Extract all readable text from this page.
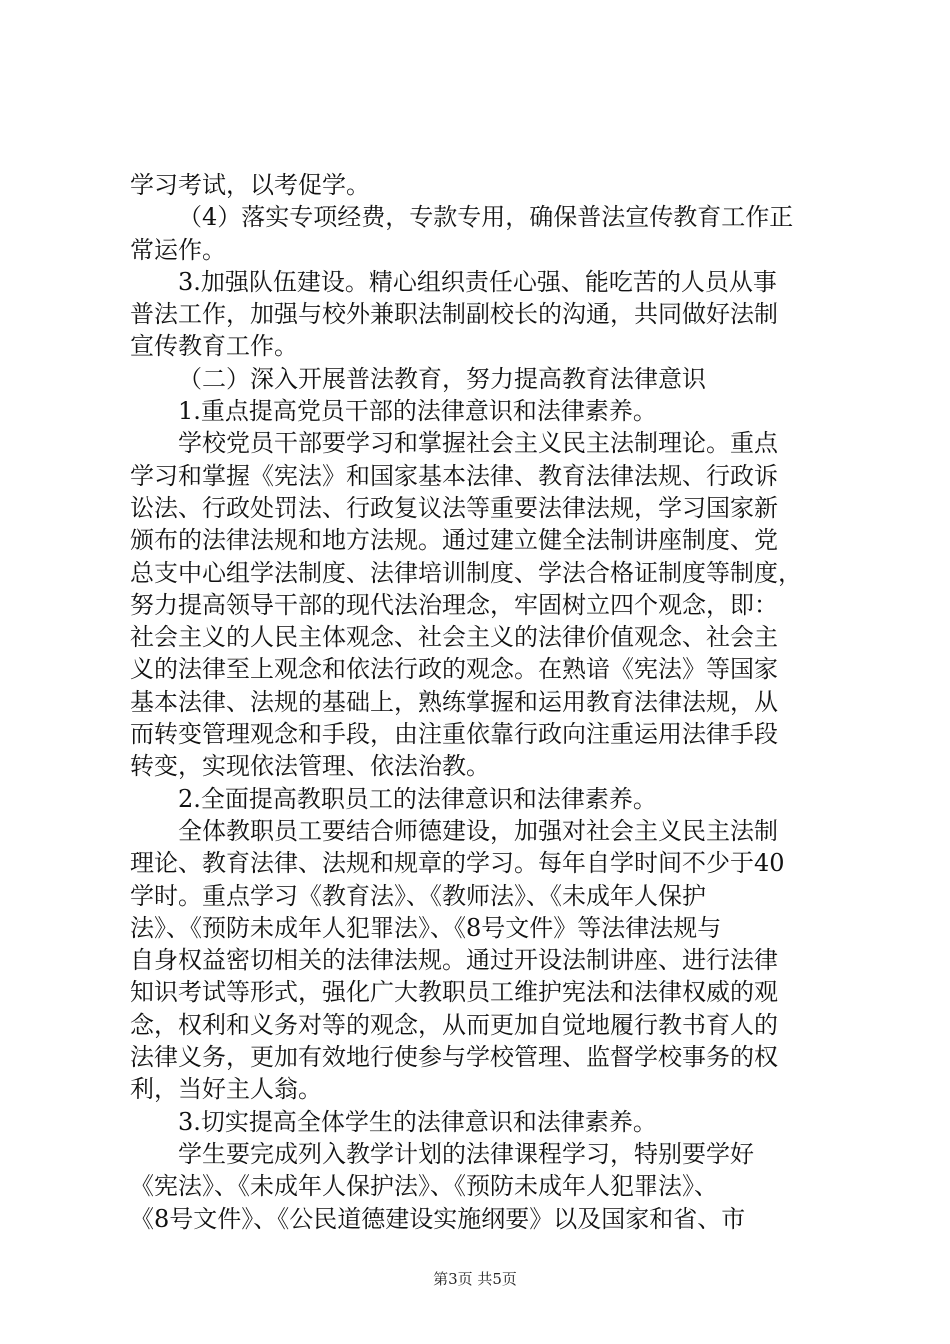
学习考试，以考促学。
（4）落实专项经费，专款专用，确保普法宣传教育工作正
常运作。
3.加强队伍建设。精心组织责任心强、能吃苦的人员从事
普法工作，加强与校外兼职法制副校长的沟通，共同做好法制
宣传教育工作。
（二）深入开展普法教育，努力提高教育法律意识
1.重点提高党员干部的法律意识和法律素养。
学校党员干部要学习和掌握社会主义民主法制理论。重点
学习和掌握《宪法》和国家基本法律、教育法律法规、行政诉
讼法、行政处罚法、行政复议法等重要法律法规，学习国家新
颁布的法律法规和地方法规。通过建立健全法制讲座制度、党
总支中心组学法制度、法律培训制度、学法合格证制度等制度，
努力提高领导干部的现代法治理念，牢固树立四个观念，即：
社会主义的人民主体观念、社会主义的法律价值观念、社会主
义的法律至上观念和依法行政的观念。在熟谙《宪法》等国家
基本法律、法规的基础上，熟练掌握和运用教育法律法规，从
而转变管理观念和手段，由注重依靠行政向注重运用法律手段
转变，实现依法管理、依法治教。
2.全面提高教职员工的法律意识和法律素养。
全体教职员工要结合师德建设，加强对社会主义民主法制
理论、教育法律、法规和规章的学习。每年自学时间不少于40
学时。重点学习《教育法》、《教师法》、《未成年人保护
法》、《预防未成年人犯罪法》、《8号文件》等法律法规与
自身权益密切相关的法律法规。通过开设法制讲座、进行法律
知识考试等形式，强化广大教职员工维护宪法和法律权威的观
念，权利和义务对等的观念，从而更加自觉地履行教书育人的
法律义务，更加有效地行使参与学校管理、监督学校事务的权
利，当好主人翁。
3.切实提高全体学生的法律意识和法律素养。
学生要完成列入教学计划的法律课程学习，特别要学好
《宪法》、《未成年人保护法》、《预防未成年人犯罪法》、
《8号文件》、《公民道德建设实施纲要》以及国家和省、市
第3页 共5页
